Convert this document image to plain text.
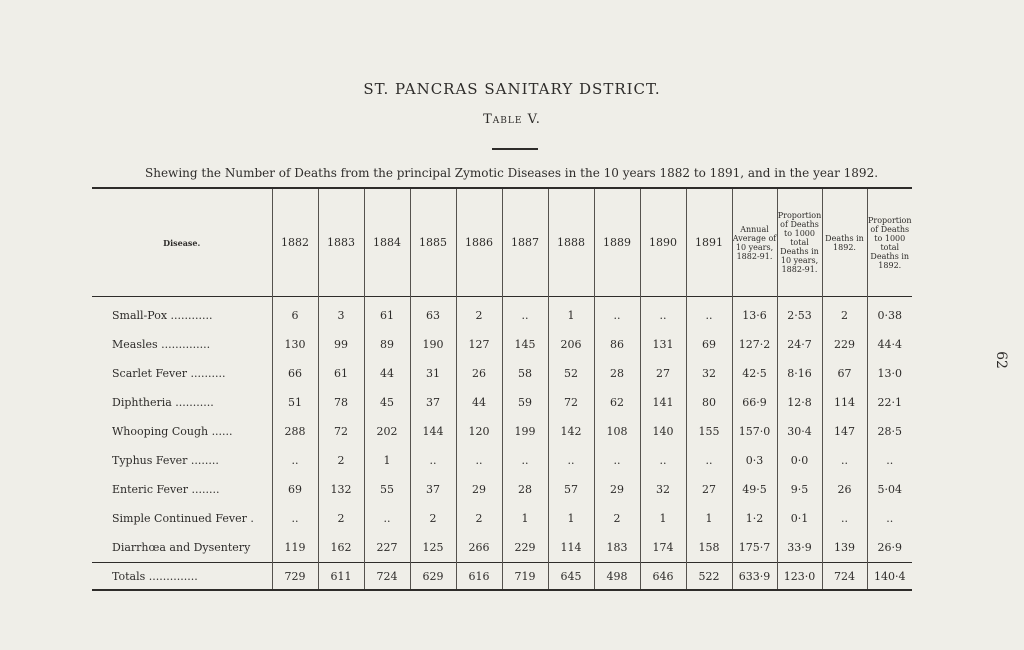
ST. PANCRAS SANITARY DSTRICT.
Table V.
Shewing the Number of Deaths from the principal Zymotic Diseases in the 10 years 1882 to 1891, and in the year 1892.
62
Disease.	1882	1883	1884	1885	1886	1887	1888	1889	1890	1891	Annual Average of 10 years, 1882-91.	Proportion of Deaths to 1000 total Deaths in 10 years, 1882-91.	Deaths in 1892.	Proportion of Deaths to 1000 total Deaths in 1892.
Small-Pox ............	6	3	61	63	2	..	1	..	..	..	13·6	2·53	2	0·38
Measles ..............	130	99	89	190	127	145	206	86	131	69	127·2	24·7	229	44·4
Scarlet Fever ..........	66	61	44	31	26	58	52	28	27	32	42·5	8·16	67	13·0
Diphtheria ...........	51	78	45	37	44	59	72	62	141	80	66·9	12·8	114	22·1
Whooping Cough ......	288	72	202	144	120	199	142	108	140	155	157·0	30·4	147	28·5
Typhus Fever ........	..	2	1	..	..	..	..	..	..	..	0·3	0·0	..	..
Enteric Fever ........	69	132	55	37	29	28	57	29	32	27	49·5	9·5	26	5·04
Simple Continued Fever .	..	2	..	2	2	1	1	2	1	1	1·2	0·1	..	..
Diarrhœa and Dysentery	119	162	227	125	266	229	114	183	174	158	175·7	33·9	139	26·9
Totals ..............	729	611	724	629	616	719	645	498	646	522	633·9	123·0	724	140·4
